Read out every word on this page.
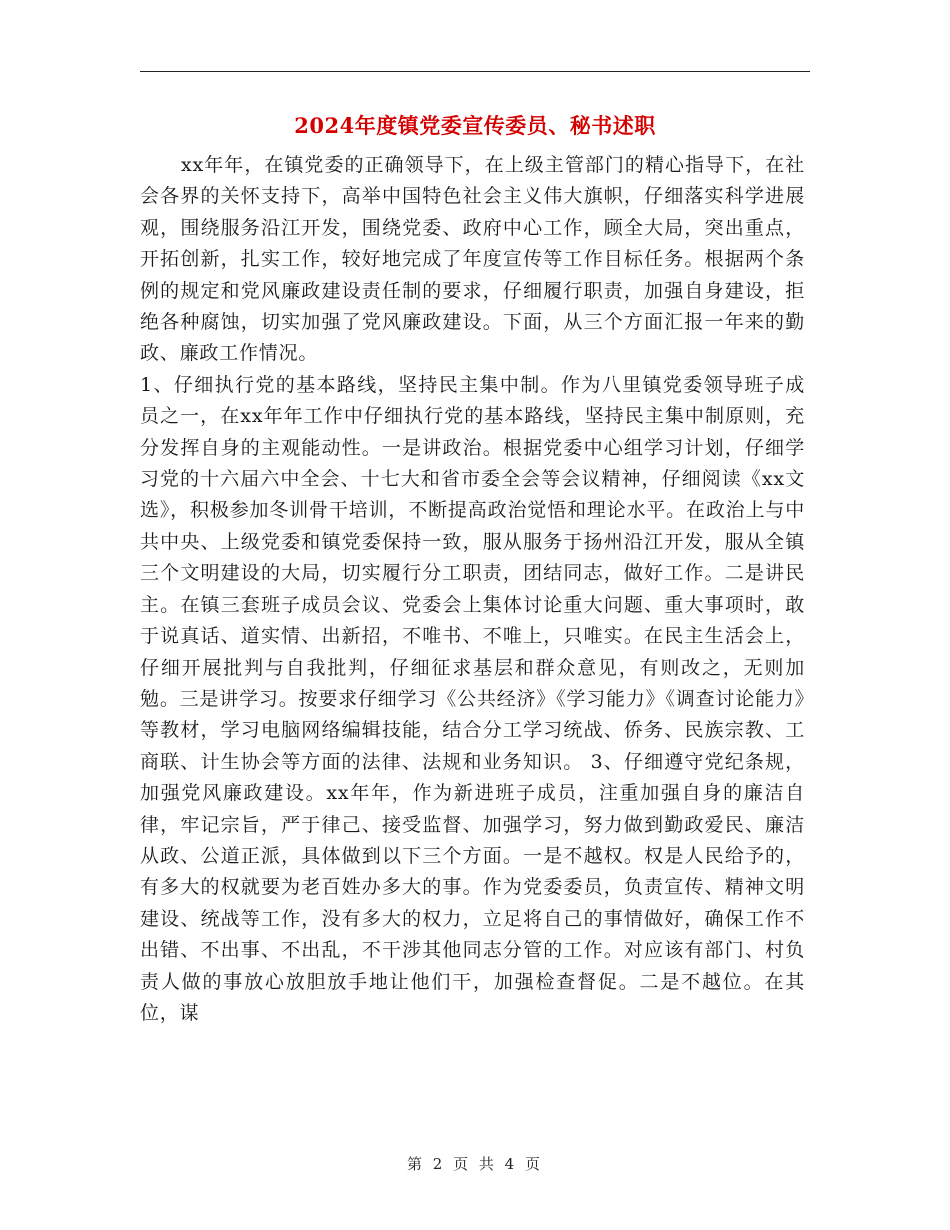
2024年度镇党委宣传委员、秘书述职

xx年年，在镇党委的正确领导下，在上级主管部门的精心指导下，在社会各界的关怀支持下，高举中国特色社会主义伟大旗帜，仔细落实科学进展观，围绕服务沿江开发，围绕党委、政府中心工作，顾全大局，突出重点，开拓创新，扎实工作，较好地完成了年度宣传等工作目标任务。根据两个条例的规定和党风廉政建设责任制的要求，仔细履行职责，加强自身建设，拒绝各种腐蚀，切实加强了党风廉政建设。下面，从三个方面汇报一年来的勤政、廉政工作情况。

1、仔细执行党的基本路线，坚持民主集中制。作为八里镇党委领导班子成员之一，在xx年年工作中仔细执行党的基本路线，坚持民主集中制原则，充分发挥自身的主观能动性。一是讲政治。根据党委中心组学习计划，仔细学习党的十六届六中全会、十七大和省市委全会等会议精神，仔细阅读《xx文选》，积极参加冬训骨干培训，不断提高政治觉悟和理论水平。在政治上与中共中央、上级党委和镇党委保持一致，服从服务于扬州沿江开发，服从全镇三个文明建设的大局，切实履行分工职责，团结同志，做好工作。二是讲民主。在镇三套班子成员会议、党委会上集体讨论重大问题、重大事项时，敢于说真话、道实情、出新招，不唯书、不唯上，只唯实。在民主生活会上，仔细开展批判与自我批判，仔细征求基层和群众意见，有则改之，无则加勉。三是讲学习。按要求仔细学习《公共经济》《学习能力》《调查讨论能力》等教材，学习电脑网络编辑技能，结合分工学习统战、侨务、民族宗教、工商联、计生协会等方面的法律、法规和业务知识。 3、仔细遵守党纪条规，加强党风廉政建设。xx年年，作为新进班子成员，注重加强自身的廉洁自律，牢记宗旨，严于律己、接受监督、加强学习，努力做到勤政爱民、廉洁从政、公道正派，具体做到以下三个方面。一是不越权。权是人民给予的，有多大的权就要为老百姓办多大的事。作为党委委员，负责宣传、精神文明建设、统战等工作，没有多大的权力，立足将自己的事情做好，确保工作不出错、不出事、不出乱，不干涉其他同志分管的工作。对应该有部门、村负责人做的事放心放胆放手地让他们干，加强检查督促。二是不越位。在其位，谋

第 2 页 共 4 页
